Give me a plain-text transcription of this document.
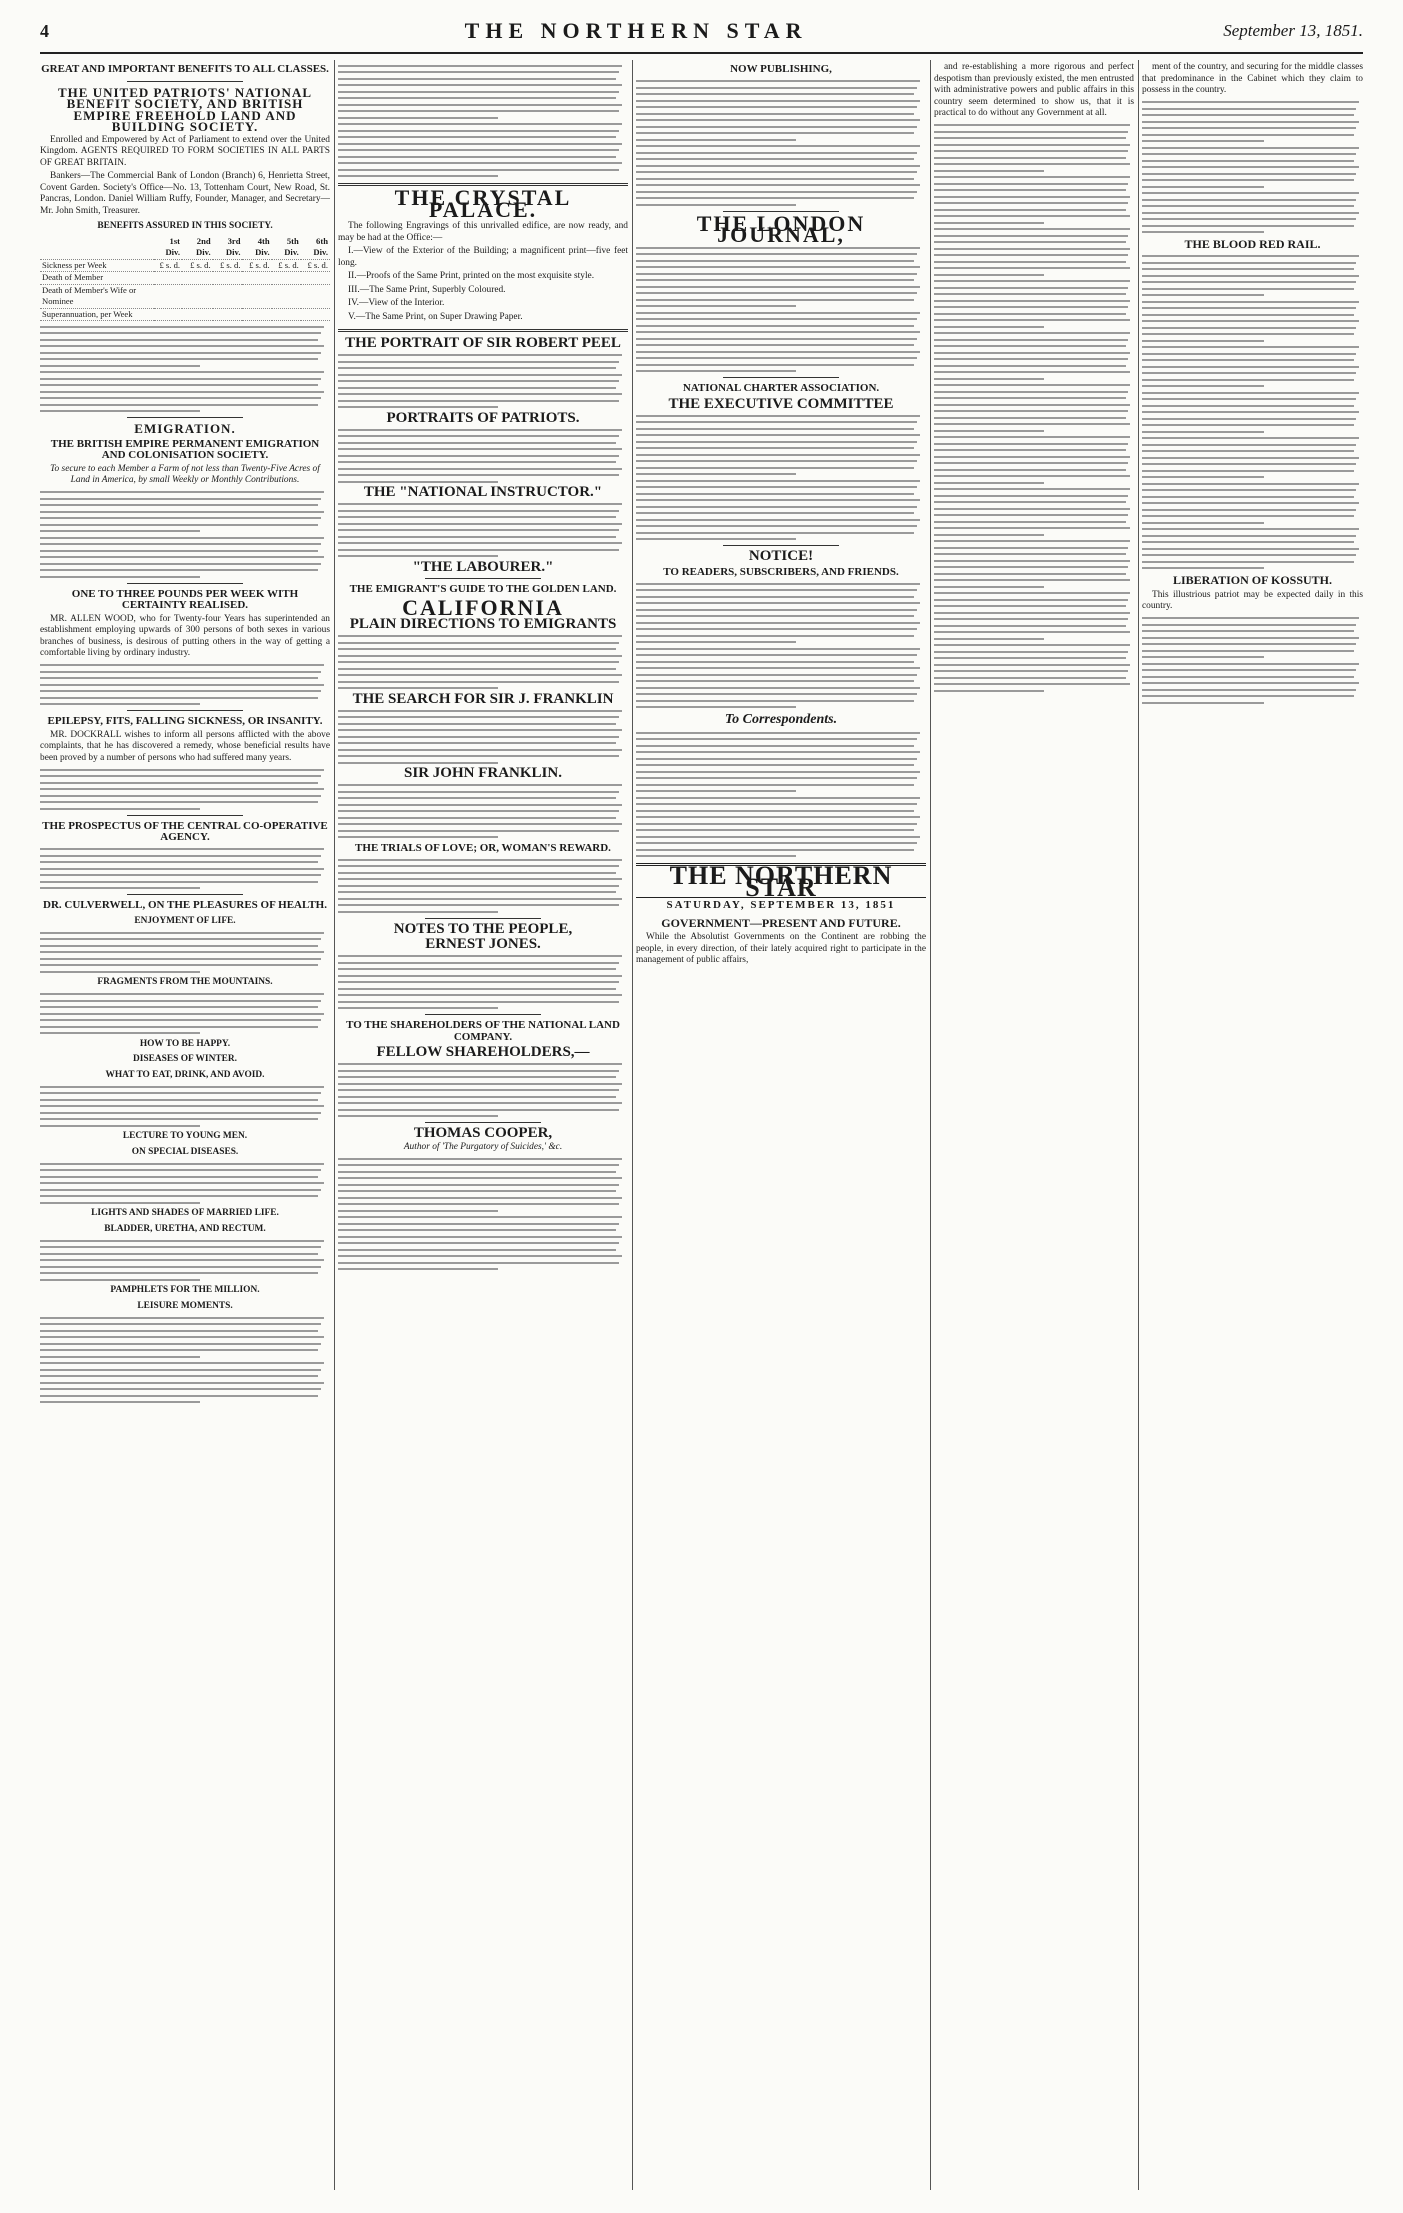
4	THE NORTHERN STAR	September 13, 1851.
GREAT AND IMPORTANT BENEFITS TO ALL CLASSES.
THE UNITED PATRIOTS' NATIONAL BENEFIT SOCIETY, AND BRITISH EMPIRE FREEHOLD LAND AND BUILDING SOCIETY.
Enrolled and Empowered by Act of Parliament to extend over the United Kingdom. AGENTS REQUIRED TO FORM SOCIETIES IN ALL PARTS OF GREAT BRITAIN.
Bankers—The Commercial Bank of London (Branch) 6, Henrietta Street, Covent Garden. Society's Office—No. 13, Tottenham Court, New Road, St. Pancras, London. Daniel William Ruffy, Founder, Manager, and Secretary—Mr. John Smith, Treasurer.
BENEFITS ASSURED IN THIS SOCIETY.
	1st Div.	2nd Div.	3rd Div.	4th Div.	5th Div.	6th Div.
Sickness per Week	£ s. d.	£ s. d.	£ s. d.	£ s. d.	£ s. d.	£ s. d.
Death of Member						
Death of Member's Wife or Nominee						
Superannuation, per Week						
EMIGRATION.
THE BRITISH EMPIRE PERMANENT EMIGRATION AND COLONISATION SOCIETY.
To secure to each Member a Farm of not less than Twenty-Five Acres of Land in America, by small Weekly or Monthly Contributions.
ONE TO THREE POUNDS PER WEEK WITH CERTAINTY REALISED.
MR. ALLEN WOOD, who for Twenty-four Years has superintended an establishment employing upwards of 300 persons of both sexes in various branches of business, is desirous of putting others in the way of getting a comfortable living by ordinary industry.
EPILEPSY, FITS, FALLING SICKNESS, OR INSANITY.
MR. DOCKRALL wishes to inform all persons afflicted with the above complaints, that he has discovered a remedy, whose beneficial results have been proved by a number of persons who had suffered many years.
THE PROSPECTUS OF THE CENTRAL CO-OPERATIVE AGENCY.
DR. CULVERWELL, ON THE PLEASURES OF HEALTH.
ENJOYMENT OF LIFE.
FRAGMENTS FROM THE MOUNTAINS.
HOW TO BE HAPPY.
DISEASES OF WINTER.
WHAT TO EAT, DRINK, AND AVOID.
LECTURE TO YOUNG MEN.
ON SPECIAL DISEASES.
LIGHTS AND SHADES OF MARRIED LIFE.
BLADDER, URETHA, AND RECTUM.
PAMPHLETS FOR THE MILLION.
LEISURE MOMENTS.
THE CRYSTAL PALACE.
The following Engravings of this unrivalled edifice, are now ready, and may be had at the Office:—
I.—View of the Exterior of the Building; a magnificent print—five feet long.
II.—Proofs of the Same Print, printed on the most exquisite style.
III.—The Same Print, Superbly Coloured.
IV.—View of the Interior.
V.—The Same Print, on Super Drawing Paper.
THE PORTRAIT OF SIR ROBERT PEEL
PORTRAITS OF PATRIOTS.
THE "NATIONAL INSTRUCTOR."
"THE LABOURER."
THE EMIGRANT'S GUIDE TO THE GOLDEN LAND.
CALIFORNIA
PLAIN DIRECTIONS TO EMIGRANTS
THE SEARCH FOR SIR J. FRANKLIN
SIR JOHN FRANKLIN.
THE TRIALS OF LOVE; OR, WOMAN'S REWARD.
NOTES TO THE PEOPLE,
ERNEST JONES.
TO THE SHAREHOLDERS OF THE NATIONAL LAND COMPANY.
FELLOW SHAREHOLDERS,—
THOMAS COOPER,
Author of 'The Purgatory of Suicides,' &c.
NOW PUBLISHING,
THE LONDON JOURNAL,
NATIONAL CHARTER ASSOCIATION.
THE EXECUTIVE COMMITTEE
NOTICE!
TO READERS, SUBSCRIBERS, AND FRIENDS.
To Correspondents.
THE NORTHERN STAR
SATURDAY, SEPTEMBER 13, 1851
GOVERNMENT—PRESENT AND FUTURE.
While the Absolutist Governments on the Continent are robbing the people, in every direction, of their lately acquired right to participate in the management of public affairs,
and re-establishing a more rigorous and perfect despotism than previously existed, the men entrusted with administrative powers and public affairs in this country seem determined to show us, that it is practical to do without any Government at all.
ment of the country, and securing for the middle classes that predominance in the Cabinet which they claim to possess in the country.
THE BLOOD RED RAIL.
LIBERATION OF KOSSUTH.
This illustrious patriot may be expected daily in this country.
